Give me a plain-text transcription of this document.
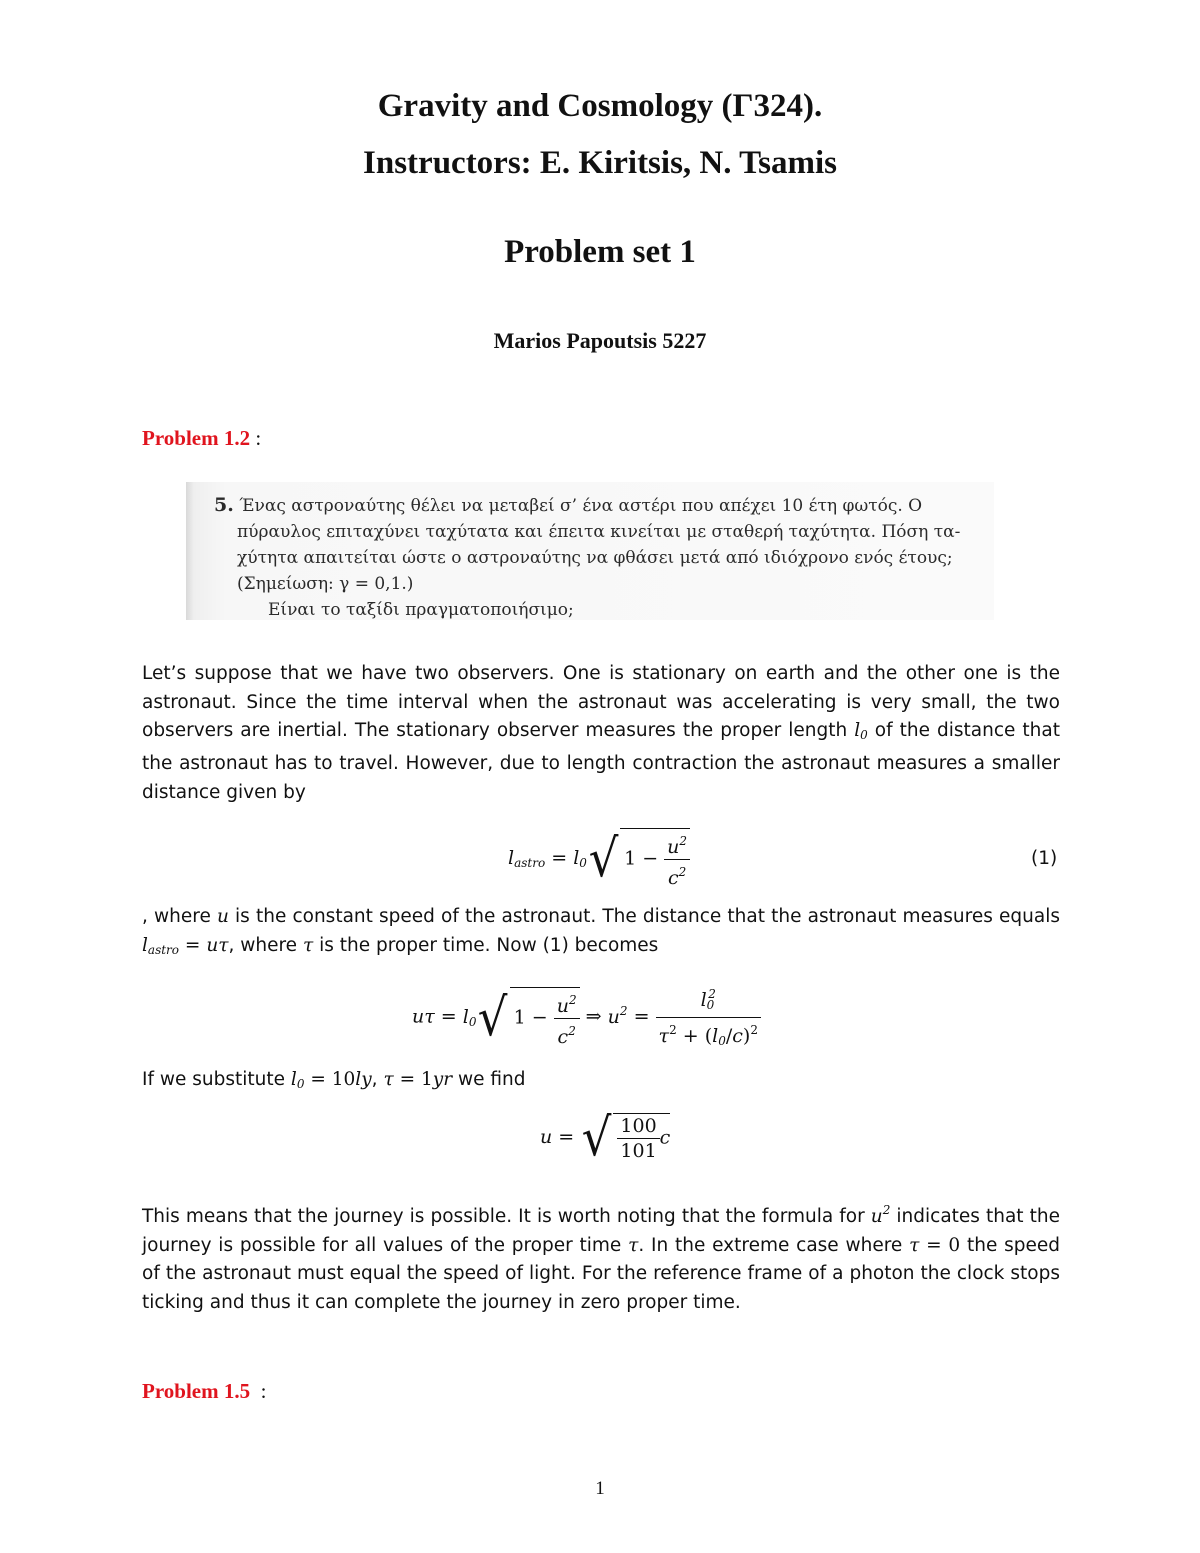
Gravity and Cosmology (Γ324).
Instructors: E. Kiritsis, N. Tsamis
Problem set 1
Marios Papoutsis 5227
Problem 1.2 :
5. Ένας αστροναύτης θέλει να μεταβεί σ’ ένα αστέρι που απέχει 10 έτη φωτός. Ο
πύραυλος επιταχύνει ταχύτατα και έπειτα κινείται με σταθερή ταχύτητα. Πόση τα-
χύτητα απαιτείται ώστε ο αστροναύτης να φθάσει μετά από ιδιόχρονο ενός έτους;
(Σημείωση: γ = 0,1.)
Είναι το ταξίδι πραγματοποιήσιμο;

Let’s suppose that we have two observers. One is stationary on earth and the other one is the astronaut. Since the time interval when the astronaut was accelerating is very small, the two observers are inertial. The stationary observer measures the proper length $l_0$ of the distance that the astronaut has to travel. However, due to length contraction the astronaut measures a smaller distance given by

$l_{astro} = l_0√$ $1 - \frac{u^2}{c^2}$	(1)

, where u is the constant speed of the astronaut. The distance that the astronaut measures equals $l_{astro} = u\tau$, where τ is the proper time. Now (1) becomes

$u\tau = l_0√$ $1 - \frac{u^2}{c^2}$ ⇒ $u^2 = \frac{l_0^2}{\tau^2 + (l_0/c)^2}$

If we substitute $l_0 = 10ly$, τ = 1yr we find

u = √ $\frac{100}{101}$ c

This means that the journey is possible. It is worth noting that the formula for $u^2$ indicates that the journey is possible for all values of the proper time τ. In the extreme case where τ = 0 the speed of the astronaut must equal the speed of light. For the reference frame of a photon the clock stops ticking and thus it can complete the journey in zero proper time.

Problem 1.5  :
1
